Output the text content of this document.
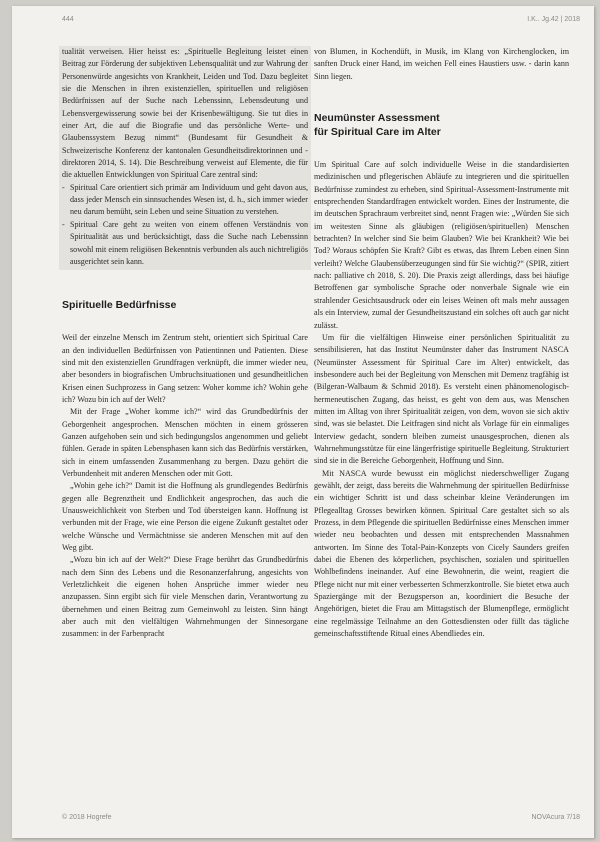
444	I.K.. Jg.42 | 2018

tualität verweisen. Hier heisst es: „Spirituelle Begleitung leistet einen Beitrag zur Förderung der subjektiven Lebensqualität und zur Wahrung der Personenwürde angesichts von Krankheit, Leiden und Tod. Dazu begleitet sie die Menschen in ihren existenziellen, spirituellen und religiösen Bedürfnissen auf der Suche nach Lebenssinn, Lebensdeutung und Lebensvergewisserung sowie bei der Krisenbewältigung. Sie tut dies in einer Art, die auf die Biografie und das persönliche Werte- und Glaubenssystem Bezug nimmt“ (Bundesamt für Gesundheit & Schweizerische Konferenz der kantonalen Gesundheitsdirektorinnen und -direktoren 2014, S. 14). Die Beschreibung verweist auf Elemente, die für die aktuellen Entwicklungen von Spiritual Care zentral sind:

- Spiritual Care orientiert sich primär am Individuum und geht davon aus, dass jeder Mensch ein sinnsuchendes Wesen ist, d. h., sich immer wieder neu darum bemüht, sein Leben und seine Situation zu verstehen.
- Spiritual Care geht zu weiten von einem offenen Verständnis von Spiritualität aus und berücksichtigt, dass die Suche nach Lebenssinn sowohl mit einem religiösen Bekenntnis verbunden als auch nichtreligiös ausgerichtet sein kann.
Spirituelle Bedürfnisse

Weil der einzelne Mensch im Zentrum steht, orientiert sich Spiritual Care an den individuellen Bedürfnissen von Patientinnen und Patienten. Diese sind mit den existenziellen Grundfragen verknüpft, die immer wieder neu, aber besonders in biografischen Umbruchsituationen und gesundheitlichen Krisen einen Suchprozess in Gang setzen: Woher komme ich? Wohin gehe ich? Wozu bin ich auf der Welt?

Mit der Frage „Woher komme ich?“ wird das Grundbedürfnis der Geborgenheit angesprochen. Menschen möchten in einem grösseren Ganzen aufgehoben sein und sich bedingungslos angenommen und geliebt fühlen. Gerade in späten Lebensphasen kann sich das Bedürfnis verstärken, sich in einem umfassenden Zusammenhang zu bergen. Dazu gehört die Verbundenheit mit anderen Menschen oder mit Gott.

„Wohin gehe ich?“ Damit ist die Hoffnung als grundlegendes Bedürfnis gegen alle Begrenztheit und Endlichkeit angesprochen, das auch die Unausweichlichkeit von Sterben und Tod übersteigen kann. Hoffnung ist verbunden mit der Frage, wie eine Person die eigene Zukunft gestaltet oder welche Wünsche und Vermächtnisse sie anderen Menschen mit auf den Weg gibt.

„Wozu bin ich auf der Welt?“ Diese Frage berührt das Grundbedürfnis nach dem Sinn des Lebens und die Resonanzerfahrung, angesichts von Verletzlichkeit die eigenen hohen Ansprüche immer wieder neu anzupassen. Sinn ergibt sich für viele Menschen darin, Verantwortung zu übernehmen und einen Beitrag zum Gemeinwohl zu leisten. Sinn hängt aber auch mit den vielfältigen Wahrnehmungen der Sinnesorgane zusammen: in der Farbenpracht

von Blumen, in Kochendüft, in Musik, im Klang von Kirchenglocken, im sanften Druck einer Hand, im weichen Fell eines Haustiers usw. - darin kann Sinn liegen.

Neumünster Assessment
für Spiritual Care im Alter

Um Spiritual Care auf solch individuelle Weise in die standardisierten medizinischen und pflegerischen Abläufe zu integrieren und die spirituellen Bedürfnisse zumindest zu erheben, sind Spiritual-Assessment-Instrumente mit entsprechenden Standardfragen entwickelt worden. Eines der Instrumente, die im deutschen Sprachraum verbreitet sind, nennt Fragen wie: „Würden Sie sich im weitesten Sinne als gläubigen (religiösen/spirituellen) Menschen betrachten? In welcher sind Sie beim Glauben? Wie bei Krankheit? Wie bei Tod? Woraus schöpfen Sie Kraft? Gibt es etwas, das Ihrem Leben einen Sinn verleiht? Welche Glaubensüberzeugungen sind für Sie wichtig?“ (SPIR, zitiert nach: palliative ch 2018, S. 20). Die Praxis zeigt allerdings, dass bei häufige Betroffenen gar symbolische Sprache oder nonverbale Signale wie ein strahlender Gesichtsausdruck oder ein leises Weinen oft mals mehr aussagen als ein Interview, zumal der Gesundheitszustand ein solches oft auch gar nicht zulässt.

Um für die vielfältigen Hinweise einer persönlichen Spiritualität zu sensibilisieren, hat das Institut Neumünster daher das Instrument NASCA (Neumünster Assessment für Spiritual Care im Alter) entwickelt, das insbesondere auch bei der Begleitung von Menschen mit Demenz tragfähig ist (Bilgeran-Walbaum & Schmid 2018). Es versteht einen phänomenologisch-hermeneutischen Zugang, das heisst, es geht von dem aus, was Menschen mitten im Alltag von ihrer Spiritualität zeigen, von dem, wovon sie sich aktiv sind, was sie belastet. Die Leitfragen sind nicht als Vorlage für ein einmaliges Interview gedacht, sondern bleiben zumeist unausgesprochen, dienen als Wahrnehmungsstütze für eine längerfristige spirituelle Begleitung. Strukturiert sind sie in die Bereiche Geborgenheit, Hoffnung und Sinn.

Mit NASCA wurde bewusst ein möglichst niederschwelliger Zugang gewählt, der zeigt, dass bereits die Wahrnehmung der spirituellen Bedürfnisse ein wichtiger Schritt ist und dass scheinbar kleine Veränderungen im Pflegealltag Grosses bewirken können. Spiritual Care gestaltet sich so als Prozess, in dem Pflegende die spirituellen Bedürfnisse eines Menschen immer wieder neu beobachten und dessen mit entsprechenden Massnahmen antworten. Im Sinne des Total-Pain-Konzepts von Cicely Saunders greifen dabei die Ebenen des körperlichen, psychischen, sozialen und spirituellen Wohlbefindens ineinander. Auf eine Bewohnerin, die weint, reagiert die Pflege nicht nur mit einer verbesserten Schmerzkontrolle. Sie bietet etwa auch Spaziergänge mit der Bezugsperson an, koordiniert die Besuche der Angehörigen, bietet die Frau am Mittagstisch der Blumenpflege, ermöglicht eine regelmässige Teilnahme an den Gottesdiensten oder füllt das tägliche gemeinschaftsstiftende Ritual eines Abendliedes ein.

© 2018 Hogrefe	NOVAcura 7/18
